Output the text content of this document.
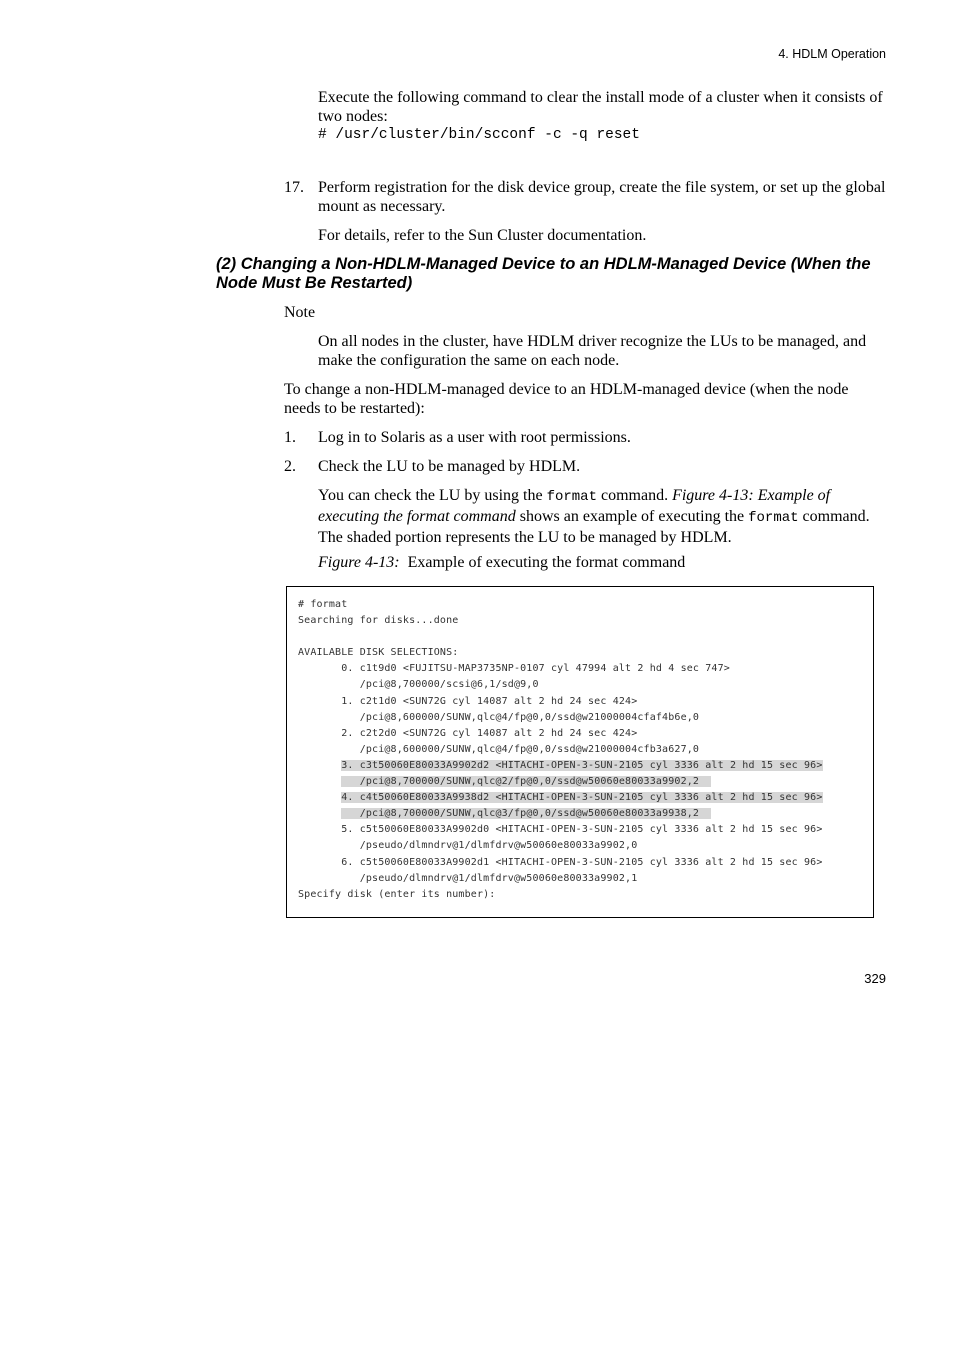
4. HDLM Operation
Execute the following command to clear the install mode of a cluster when it consists of two nodes:
# /usr/cluster/bin/scconf -c -q reset
17. Perform registration for the disk device group, create the file system, or set up the global mount as necessary.
For details, refer to the Sun Cluster documentation.
(2) Changing a Non-HDLM-Managed Device to an HDLM-Managed Device (When the Node Must Be Restarted)
Note
On all nodes in the cluster, have HDLM driver recognize the LUs to be managed, and make the configuration the same on each node.
To change a non-HDLM-managed device to an HDLM-managed device (when the node needs to be restarted):
1. Log in to Solaris as a user with root permissions.
2. Check the LU to be managed by HDLM.
You can check the LU by using the format command. Figure 4-13: Example of executing the format command shows an example of executing the format command. The shaded portion represents the LU to be managed by HDLM.
Figure 4-13: Example of executing the format command
# format
Searching for disks...done

AVAILABLE DISK SELECTIONS:
0. c1t9d0 <FUJITSU-MAP3735NP-0107 cyl 47994 alt 2 hd 4 sec 747>
/pci@8,700000/scsi@6,1/sd@9,0
1. c2t1d0 <SUN72G cyl 14087 alt 2 hd 24 sec 424>
/pci@8,600000/SUNW,qlc@4/fp@0,0/ssd@w21000004cfaf4b6e,0
2. c2t2d0 <SUN72G cyl 14087 alt 2 hd 24 sec 424>
/pci@8,600000/SUNW,qlc@4/fp@0,0/ssd@w21000004cfb3a627,0
3. c3t50060E80033A9902d2 <HITACHI-OPEN-3-SUN-2105 cyl 3336 alt 2 hd 15 sec 96>
/pci@8,700000/SUNW,qlc@2/fp@0,0/ssd@w50060e80033a9902,2
4. c4t50060E80033A9938d2 <HITACHI-OPEN-3-SUN-2105 cyl 3336 alt 2 hd 15 sec 96>
/pci@8,700000/SUNW,qlc@3/fp@0,0/ssd@w50060e80033a9938,2
5. c5t50060E80033A9902d0 <HITACHI-OPEN-3-SUN-2105 cyl 3336 alt 2 hd 15 sec 96>
/pseudo/dlmndrv@1/dlmfdrv@w50060e80033a9902,0
6. c5t50060E80033A9902d1 <HITACHI-OPEN-3-SUN-2105 cyl 3336 alt 2 hd 15 sec 96>
/pseudo/dlmndrv@1/dlmfdrv@w50060e80033a9902,1
Specify disk (enter its number):
329
